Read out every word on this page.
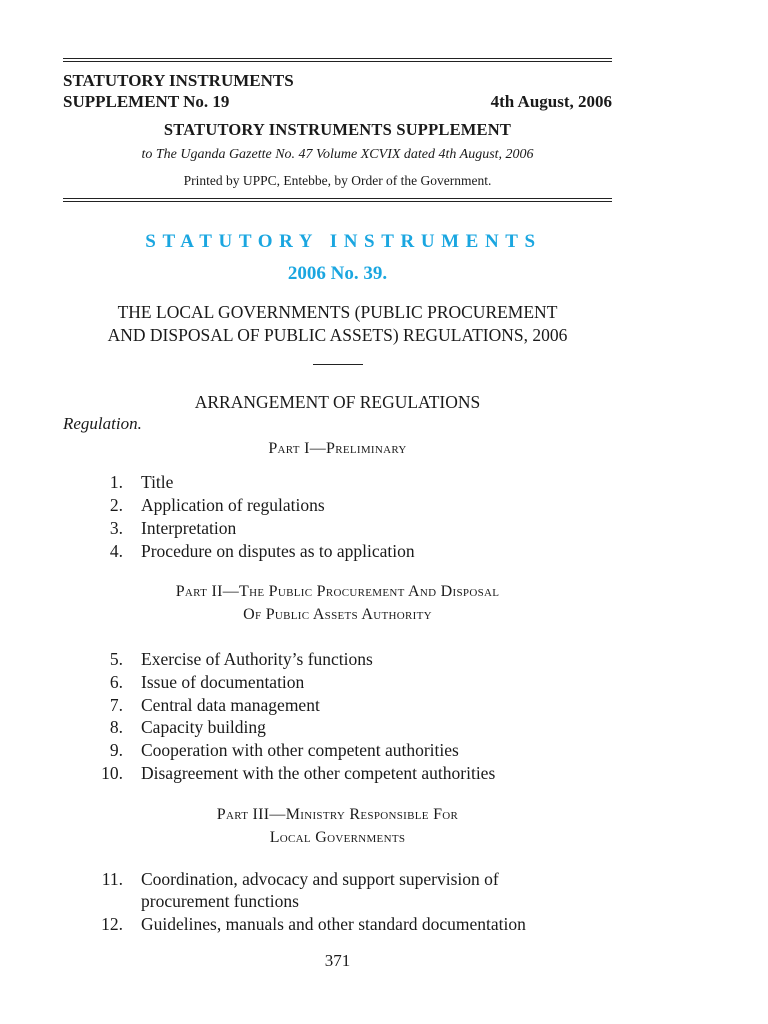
STATUTORY INSTRUMENTS
SUPPLEMENT No. 19	4th August, 2006
STATUTORY INSTRUMENTS SUPPLEMENT
to The Uganda Gazette No. 47 Volume XCVIX dated 4th August, 2006
Printed by UPPC, Entebbe, by Order of the Government.
STATUTORY INSTRUMENTS
2006 No. 39.
THE LOCAL GOVERNMENTS (PUBLIC PROCUREMENT
AND DISPOSAL OF PUBLIC ASSETS) REGULATIONS, 2006
ARRANGEMENT OF REGULATIONS
Regulation.
Part I—Preliminary
1. Title
2. Application of regulations
3. Interpretation
4. Procedure on disputes as to application
Part II—The Public Procurement And Disposal
Of Public Assets Authority
5. Exercise of Authority’s functions
6. Issue of documentation
7. Central data management
8. Capacity building
9. Cooperation with other competent authorities
10. Disagreement with the other competent authorities
Part III—Ministry Responsible For
Local Governments
11. Coordination, advocacy and support supervision of
procurement functions
12. Guidelines, manuals and other standard documentation
371
